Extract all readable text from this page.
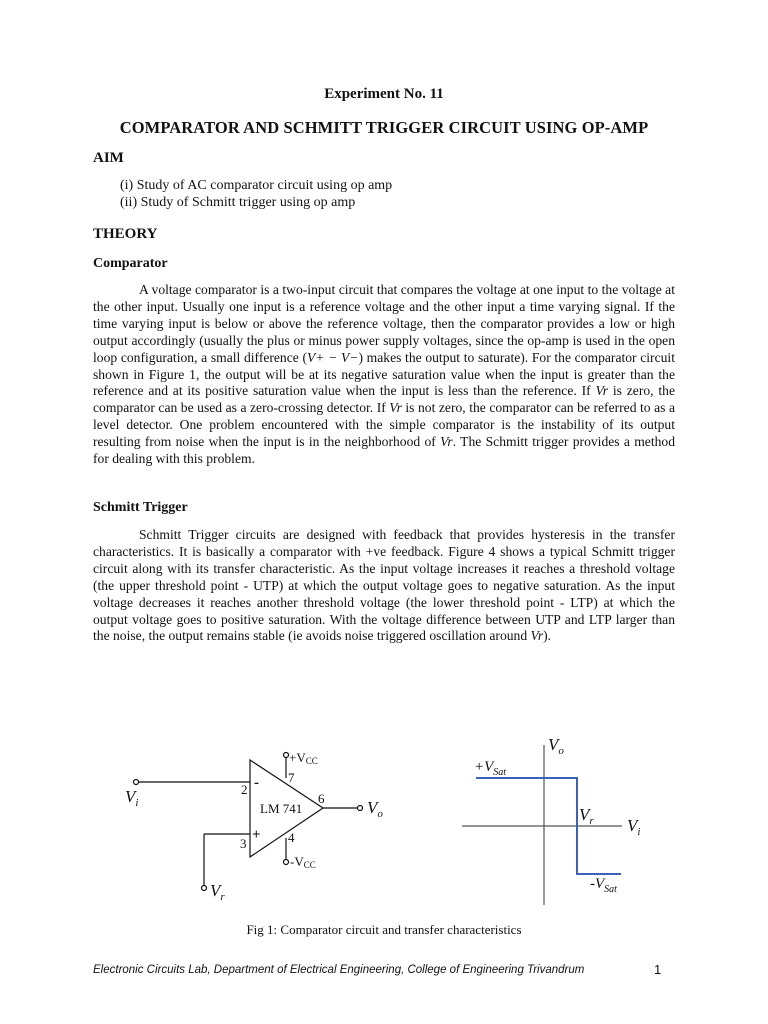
Experiment No. 11
COMPARATOR AND SCHMITT TRIGGER CIRCUIT USING OP-AMP
AIM
(i) Study of AC comparator circuit using op amp
(ii) Study of Schmitt trigger using op amp
THEORY
Comparator
A voltage comparator is a two-input circuit that compares the voltage at one input to the voltage at the other input. Usually one input is a reference voltage and the other input a time varying signal. If the time varying input is below or above the reference voltage, then the comparator provides a low or high output accordingly (usually the plus or minus power supply voltages, since the op-amp is used in the open loop configuration, a small difference (V+ − V−) makes the output to saturate). For the comparator circuit shown in Figure 1, the output will be at its negative saturation value when the input is greater than the reference and at its positive saturation value when the input is less than the reference. If Vr is zero, the comparator can be used as a zero-crossing detector. If Vr is not zero, the comparator can be referred to as a level detector. One problem encountered with the simple comparator is the instability of its output resulting from noise when the input is in the neighborhood of Vr. The Schmitt trigger provides a method for dealing with this problem.
Schmitt Trigger
Schmitt Trigger circuits are designed with feedback that provides hysteresis in the transfer characteristics. It is basically a comparator with +ve feedback. Figure 4 shows a typical Schmitt trigger circuit along with its transfer characteristic. As the input voltage increases it reaches a threshold voltage (the upper threshold point - UTP) at which the output voltage goes to negative saturation. As the input voltage decreases it reaches another threshold voltage (the lower threshold point - LTP) at which the output voltage goes to positive saturation. With the voltage difference between UTP and LTP larger than the noise, the output remains stable (ie avoids noise triggered oscillation around Vr).
+VCC
7
-
2
LM 741
6
+ 4
3
-VCC
$V_i$	$V_o$
$V_r$
$V_o$
$+V_{Sat}$
$V_r$ $V_i$
$-V_{Sat}$
Fig 1: Comparator circuit and transfer characteristics
Electronic Circuits Lab, Department of Electrical Engineering, College of Engineering Trivandrum	1
